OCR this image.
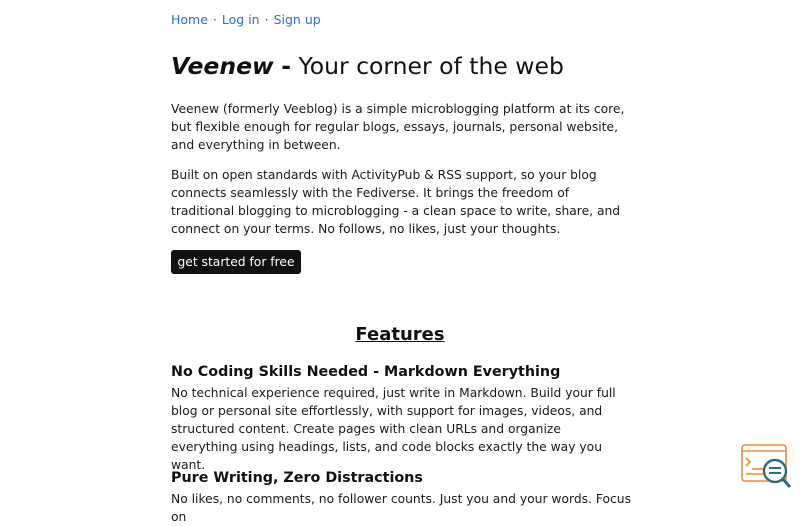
Home · Log in · Sign up
Veenew - Your corner of the web

Veenew (formerly Veeblog) is a simple microblogging platform at its core, but flexible enough for regular blogs, essays, journals, personal website, and everything in between.

Built on open standards with ActivityPub & RSS support, so your blog connects seamlessly with the Fediverse. It brings the freedom of traditional blogging to microblogging - a clean space to write, share, and connect on your terms. No follows, no likes, just your thoughts.

get started for free
Features
No Coding Skills Needed - Markdown Everything

No technical experience required, just write in Markdown. Build your full blog or personal site effortlessly, with support for images, videos, and structured content. Create pages with clean URLs and organize everything using headings, lists, and code blocks exactly the way you want.

Pure Writing, Zero Distractions

No likes, no comments, no follower counts. Just you and your words. Focus on
